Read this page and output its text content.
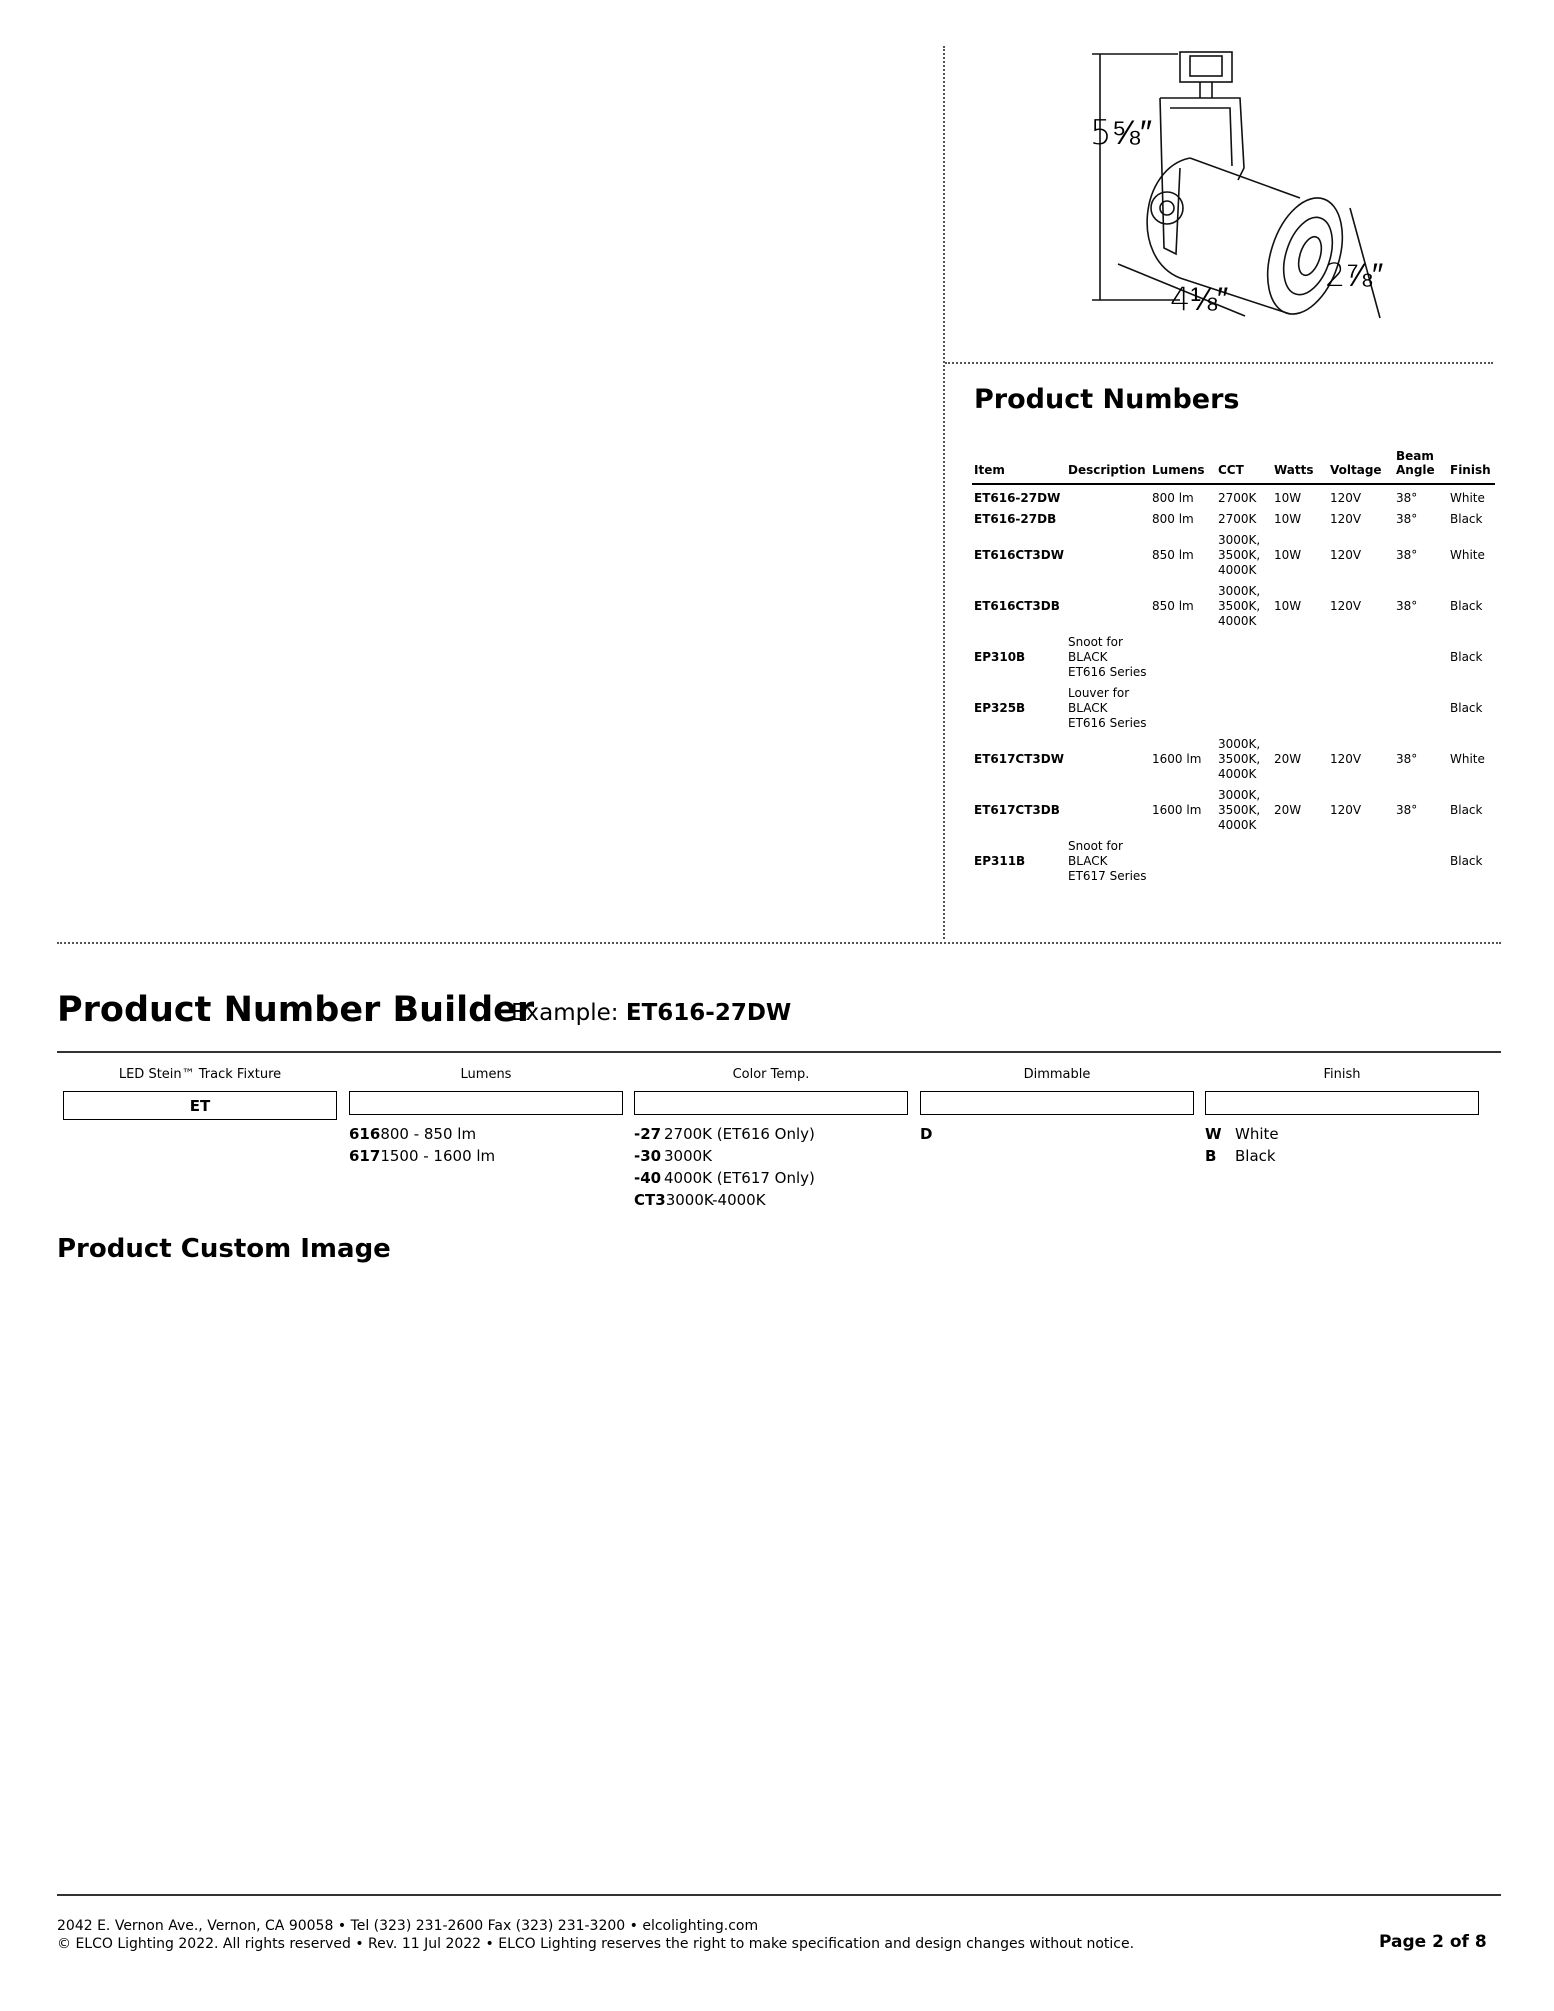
5⅝″
4⅛″
2⅞″
Product Numbers
Item	Description	Lumens	CCT	Watts	Voltage	Beam Angle	Finish
ET616-27DW		800 lm	2700K	10W	120V	38°	White
ET616-27DB		800 lm	2700K	10W	120V	38°	Black
ET616CT3DW		850 lm	3000K, 3500K, 4000K	10W	120V	38°	White
ET616CT3DB		850 lm	3000K, 3500K, 4000K	10W	120V	38°	Black
EP310B	Snoot for BLACK ET616 Series						Black
EP325B	Louver for BLACK ET616 Series						Black
ET617CT3DW		1600 lm	3000K, 3500K, 4000K	20W	120V	38°	White
ET617CT3DB		1600 lm	3000K, 3500K, 4000K	20W	120V	38°	Black
EP311B	Snoot for BLACK ET617 Series						Black
Product Number Builder
Example: ET616-27DW
LED Stein™ Track Fixture
ET
Lumens
616800 - 850 lm
6171500 - 1600 lm
Color Temp.
-27 2700K (ET616 Only)
-30 3000K
-40 4000K (ET617 Only)
CT33000K-4000K
Dimmable
D
Finish
W White
B Black
Product Custom Image
2042 E. Vernon Ave., Vernon, CA 90058 • Tel (323) 231-2600 Fax (323) 231-3200 • elcolighting.com
© ELCO Lighting 2022. All rights reserved • Rev. 11 Jul 2022 • ELCO Lighting reserves the right to make specification and design changes without notice.	Page 2 of 8
